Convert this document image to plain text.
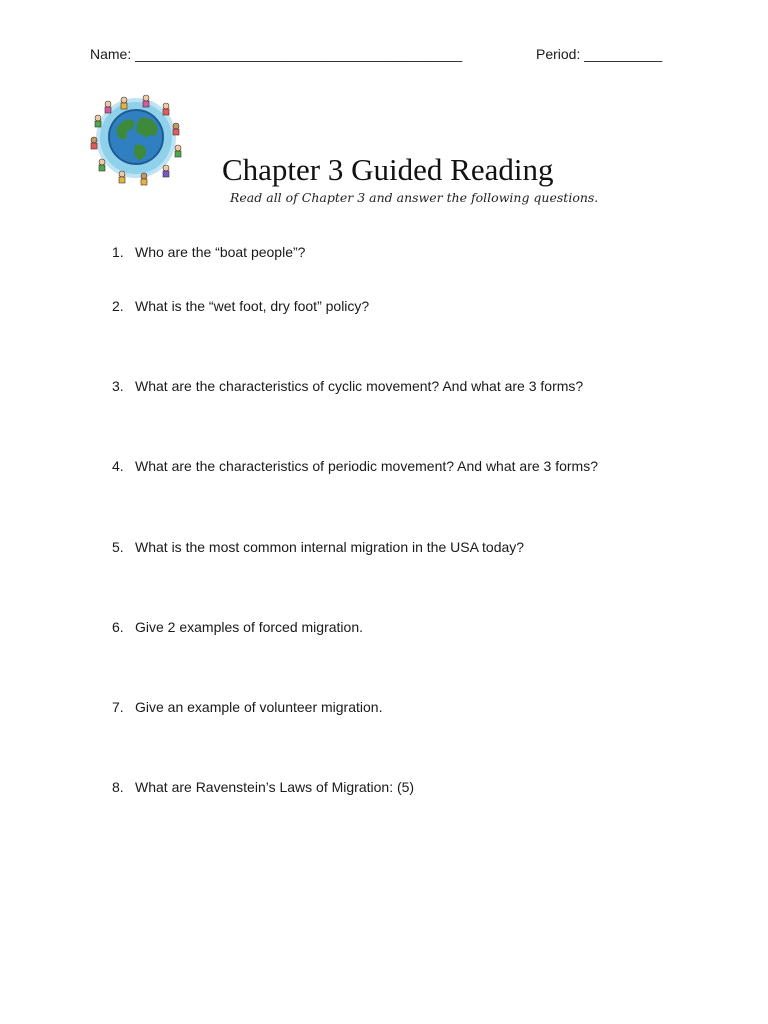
Name: __________________________________________	Period: __________
Chapter 3 Guided Reading
Read all of Chapter 3 and answer the following questions.
1. Who are the “boat people”?
2. What is the “wet foot, dry foot” policy?
3. What are the characteristics of cyclic movement? And what are 3 forms?
4. What are the characteristics of periodic movement? And what are 3 forms?
5. What is the most common internal migration in the USA today?
6. Give 2 examples of forced migration.
7. Give an example of volunteer migration.
8. What are Ravenstein’s Laws of Migration: (5)
